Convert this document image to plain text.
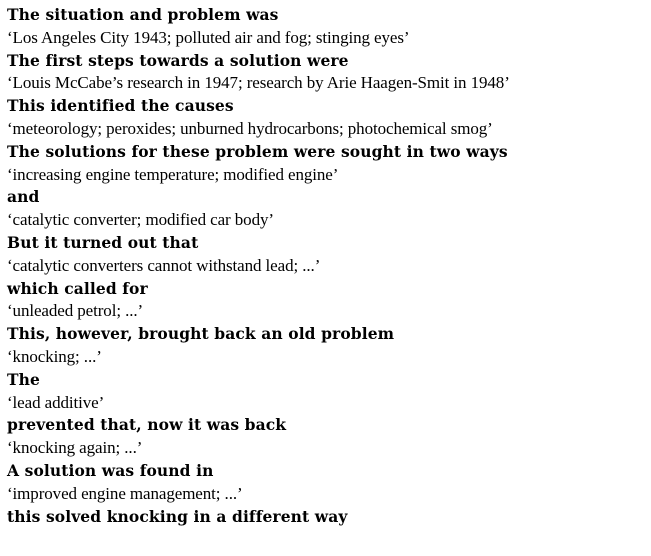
The situation and problem was
‘Los Angeles City 1943; polluted air and fog; stinging eyes’
The first steps towards a solution were
‘Louis McCabe’s research in 1947; research by Arie Haagen-Smit in 1948’
This identified the causes
‘meteorology; peroxides; unburned hydrocarbons; photochemical smog’
The solutions for these problem were sought in two ways
‘increasing engine temperature; modified engine’
and
‘catalytic converter; modified car body’
But it turned out that
‘catalytic converters cannot withstand lead; ...’
which called for
‘unleaded petrol; ...’
This, however, brought back an old problem
‘knocking; ...’
The
‘lead additive’
prevented that, now it was back
‘knocking again; ...’
A solution was found in
‘improved engine management; ...’
this solved knocking in a different way
